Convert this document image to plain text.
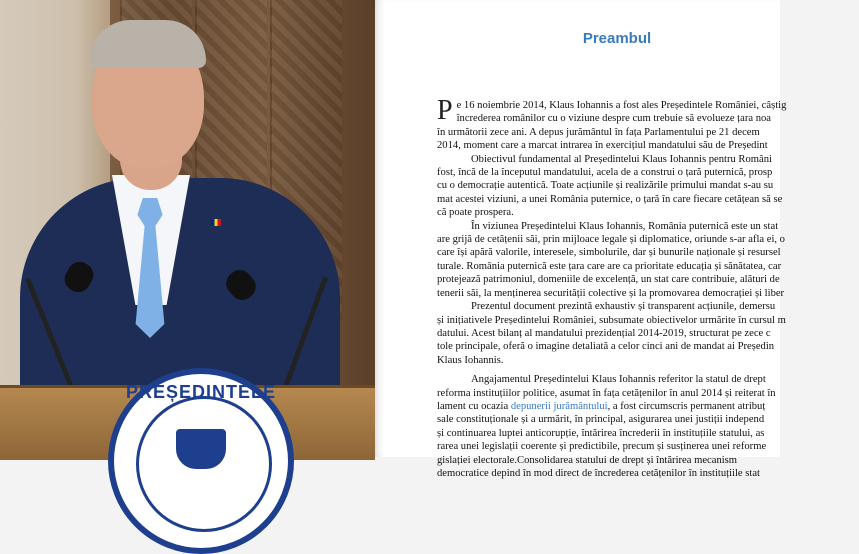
PREȘEDINTELE
Preambul
P e 16 noiembrie 2014, Klaus Iohannis a fost ales Președintele României, câștig
încrederea românilor cu o viziune despre cum trebuie să evolueze țara noa
în următorii zece ani. A depus jurământul în fața Parlamentului pe 21 decem
2014, moment care a marcat intrarea în exercițiul mandatului său de Președint
Obiectivul fundamental al Președintelui Klaus Iohannis pentru Români
fost, încă de la începutul mandatului, acela de a construi o țară puternică, prosp
cu o democrație autentică. Toate acțiunile și realizările primului mandat s-au su
mat acestei viziuni, a unei România puternice, o țară în care fiecare cetățean să se
că poate prospera.
În viziunea Președintelui Klaus Iohannis, România puternică este un stat
are grijă de cetățenii săi, prin mijloace legale și diplomatice, oriunde s-ar afla ei, o
care își apără valorile, interesele, simbolurile, dar și bunurile naționale și resursel
turale. România puternică este țara care are ca prioritate educația și sănătatea, car
protejează patrimoniul, domeniile de excelență, un stat care contribuie, alături de
tenerii săi, la menținerea securității colective și la promovarea democrației și liber
Prezentul document prezintă exhaustiv și transparent acțiunile, demersu
și inițiativele Președintelui României, subsumate obiectivelor urmărite în cursul m
datului. Acest bilanț al mandatului prezidențial 2014-2019, structurat pe zece c
tole principale, oferă o imagine detaliată a celor cinci ani de mandat ai Președin
Klaus Iohannis.
Angajamentul Președintelui Klaus Iohannis referitor la statul de drept
reforma instituțiilor politice, asumat în fața cetățenilor în anul 2014 și reiterat în
lament cu ocazia depunerii jurământului, a fost circumscris permanent atribuț
sale constituționale și a urmărit, în principal, asigurarea unei justiții independ
și continuarea luptei anticorupție, întărirea încrederii în instituțiile statului, as
rarea unei legislații coerente și predictibile, precum și susținerea unei reforme
gislației electorale.Consolidarea statului de drept și întărirea mecanism
democratice depind în mod direct de încrederea cetățenilor în instituțiile stat
